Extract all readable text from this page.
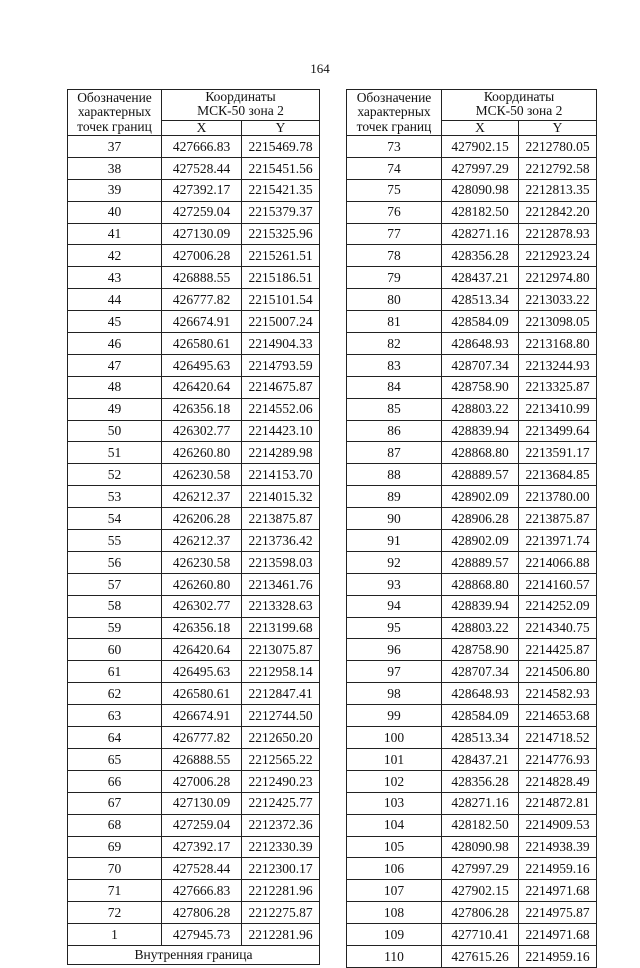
164
Обозначение
характерных
точек границ	Координаты
МСК-50 зона 2	
	X	Y
37	427666.83	2215469.78
38	427528.44	2215451.56
39	427392.17	2215421.35
40	427259.04	2215379.37
41	427130.09	2215325.96
42	427006.28	2215261.51
43	426888.55	2215186.51
44	426777.82	2215101.54
45	426674.91	2215007.24
46	426580.61	2214904.33
47	426495.63	2214793.59
48	426420.64	2214675.87
49	426356.18	2214552.06
50	426302.77	2214423.10
51	426260.80	2214289.98
52	426230.58	2214153.70
53	426212.37	2214015.32
54	426206.28	2213875.87
55	426212.37	2213736.42
56	426230.58	2213598.03
57	426260.80	2213461.76
58	426302.77	2213328.63
59	426356.18	2213199.68
60	426420.64	2213075.87
61	426495.63	2212958.14
62	426580.61	2212847.41
63	426674.91	2212744.50
64	426777.82	2212650.20
65	426888.55	2212565.22
66	427006.28	2212490.23
67	427130.09	2212425.77
68	427259.04	2212372.36
69	427392.17	2212330.39
70	427528.44	2212300.17
71	427666.83	2212281.96
72	427806.28	2212275.87
1	427945.73	2212281.96
Внутренняя граница		
Обозначение
характерных
точек границ	Координаты
МСК-50 зона 2	
	X	Y
73	427902.15	2212780.05
74	427997.29	2212792.58
75	428090.98	2212813.35
76	428182.50	2212842.20
77	428271.16	2212878.93
78	428356.28	2212923.24
79	428437.21	2212974.80
80	428513.34	2213033.22
81	428584.09	2213098.05
82	428648.93	2213168.80
83	428707.34	2213244.93
84	428758.90	2213325.87
85	428803.22	2213410.99
86	428839.94	2213499.64
87	428868.80	2213591.17
88	428889.57	2213684.85
89	428902.09	2213780.00
90	428906.28	2213875.87
91	428902.09	2213971.74
92	428889.57	2214066.88
93	428868.80	2214160.57
94	428839.94	2214252.09
95	428803.22	2214340.75
96	428758.90	2214425.87
97	428707.34	2214506.80
98	428648.93	2214582.93
99	428584.09	2214653.68
100	428513.34	2214718.52
101	428437.21	2214776.93
102	428356.28	2214828.49
103	428271.16	2214872.81
104	428182.50	2214909.53
105	428090.98	2214938.39
106	427997.29	2214959.16
107	427902.15	2214971.68
108	427806.28	2214975.87
109	427710.41	2214971.68
110	427615.26	2214959.16
